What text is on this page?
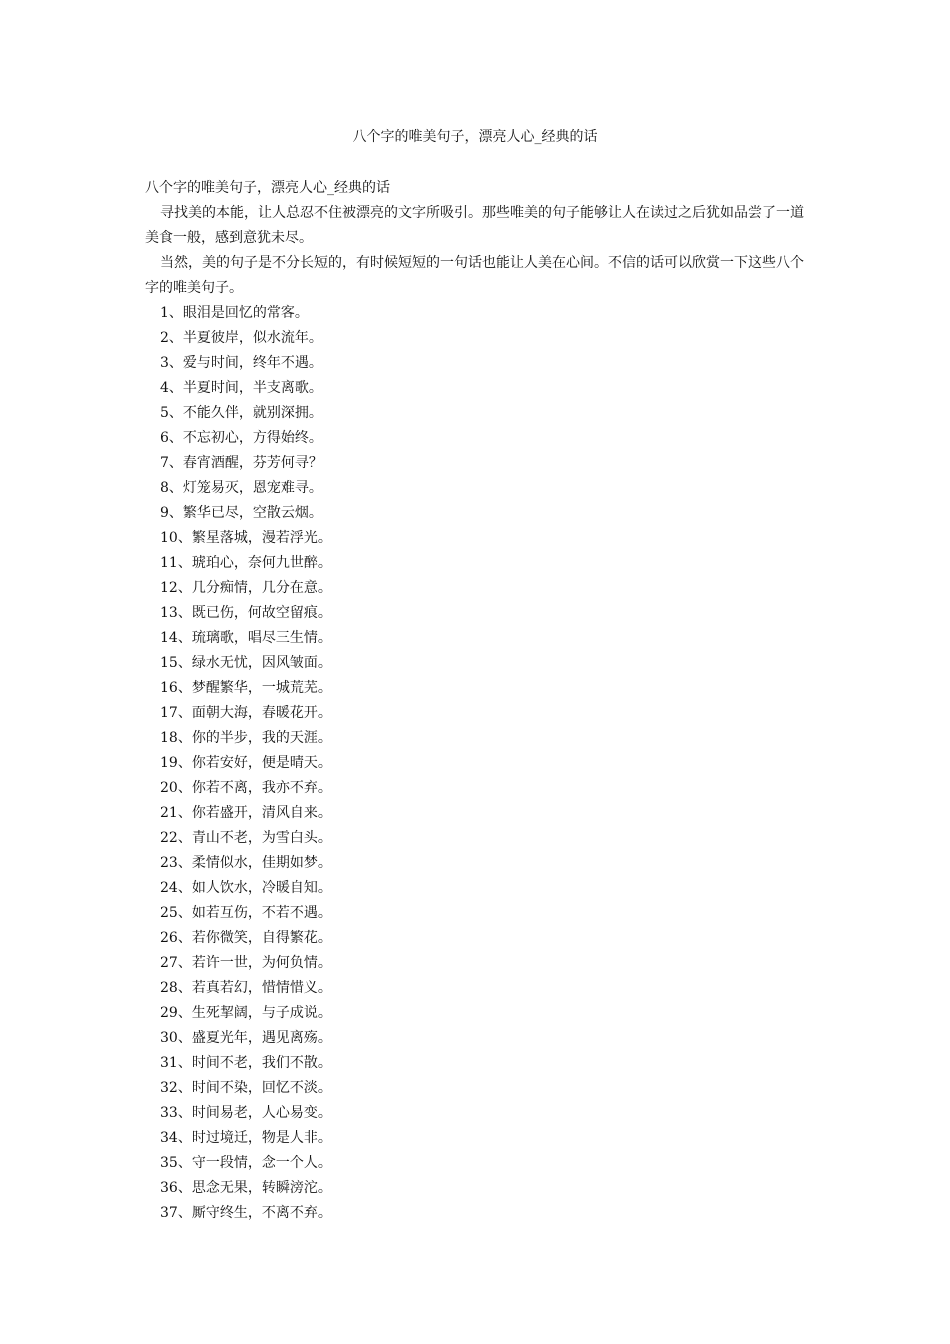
八个字的唯美句子，漂亮人心_经典的话

八个字的唯美句子，漂亮人心_经典的话

寻找美的本能，让人总忍不住被漂亮的文字所吸引。那些唯美的句子能够让人在读过之后犹如品尝了一道美食一般，感到意犹未尽。

当然，美的句子是不分长短的，有时候短短的一句话也能让人美在心间。不信的话可以欣赏一下这些八个字的唯美句子。

1、眼泪是回忆的常客。
2、半夏彼岸，似水流年。
3、爱与时间，终年不遇。
4、半夏时间，半支离歌。
5、不能久伴，就别深拥。
6、不忘初心，方得始终。
7、春宵酒醒，芬芳何寻？
8、灯笼易灭，恩宠难寻。
9、繁华已尽，空散云烟。
10、繁星落城，漫若浮光。
11、琥珀心，奈何九世醉。
12、几分痴情，几分在意。
13、既已伤，何故空留痕。
14、琉璃歌，唱尽三生情。
15、绿水无忧，因风皱面。
16、梦醒繁华，一城荒芜。
17、面朝大海，春暖花开。
18、你的半步，我的天涯。
19、你若安好，便是晴天。
20、你若不离，我亦不弃。
21、你若盛开，清风自来。
22、青山不老，为雪白头。
23、柔情似水，佳期如梦。
24、如人饮水，冷暖自知。
25、如若互伤，不若不遇。
26、若你微笑，自得繁花。
27、若许一世，为何负情。
28、若真若幻，惜情惜义。
29、生死挈阔，与子成说。
30、盛夏光年，遇见离殇。
31、时间不老，我们不散。
32、时间不染，回忆不淡。
33、时间易老，人心易变。
34、时过境迁，物是人非。
35、守一段情，念一个人。
36、思念无果，转瞬滂沱。
37、厮守终生，不离不弃。
